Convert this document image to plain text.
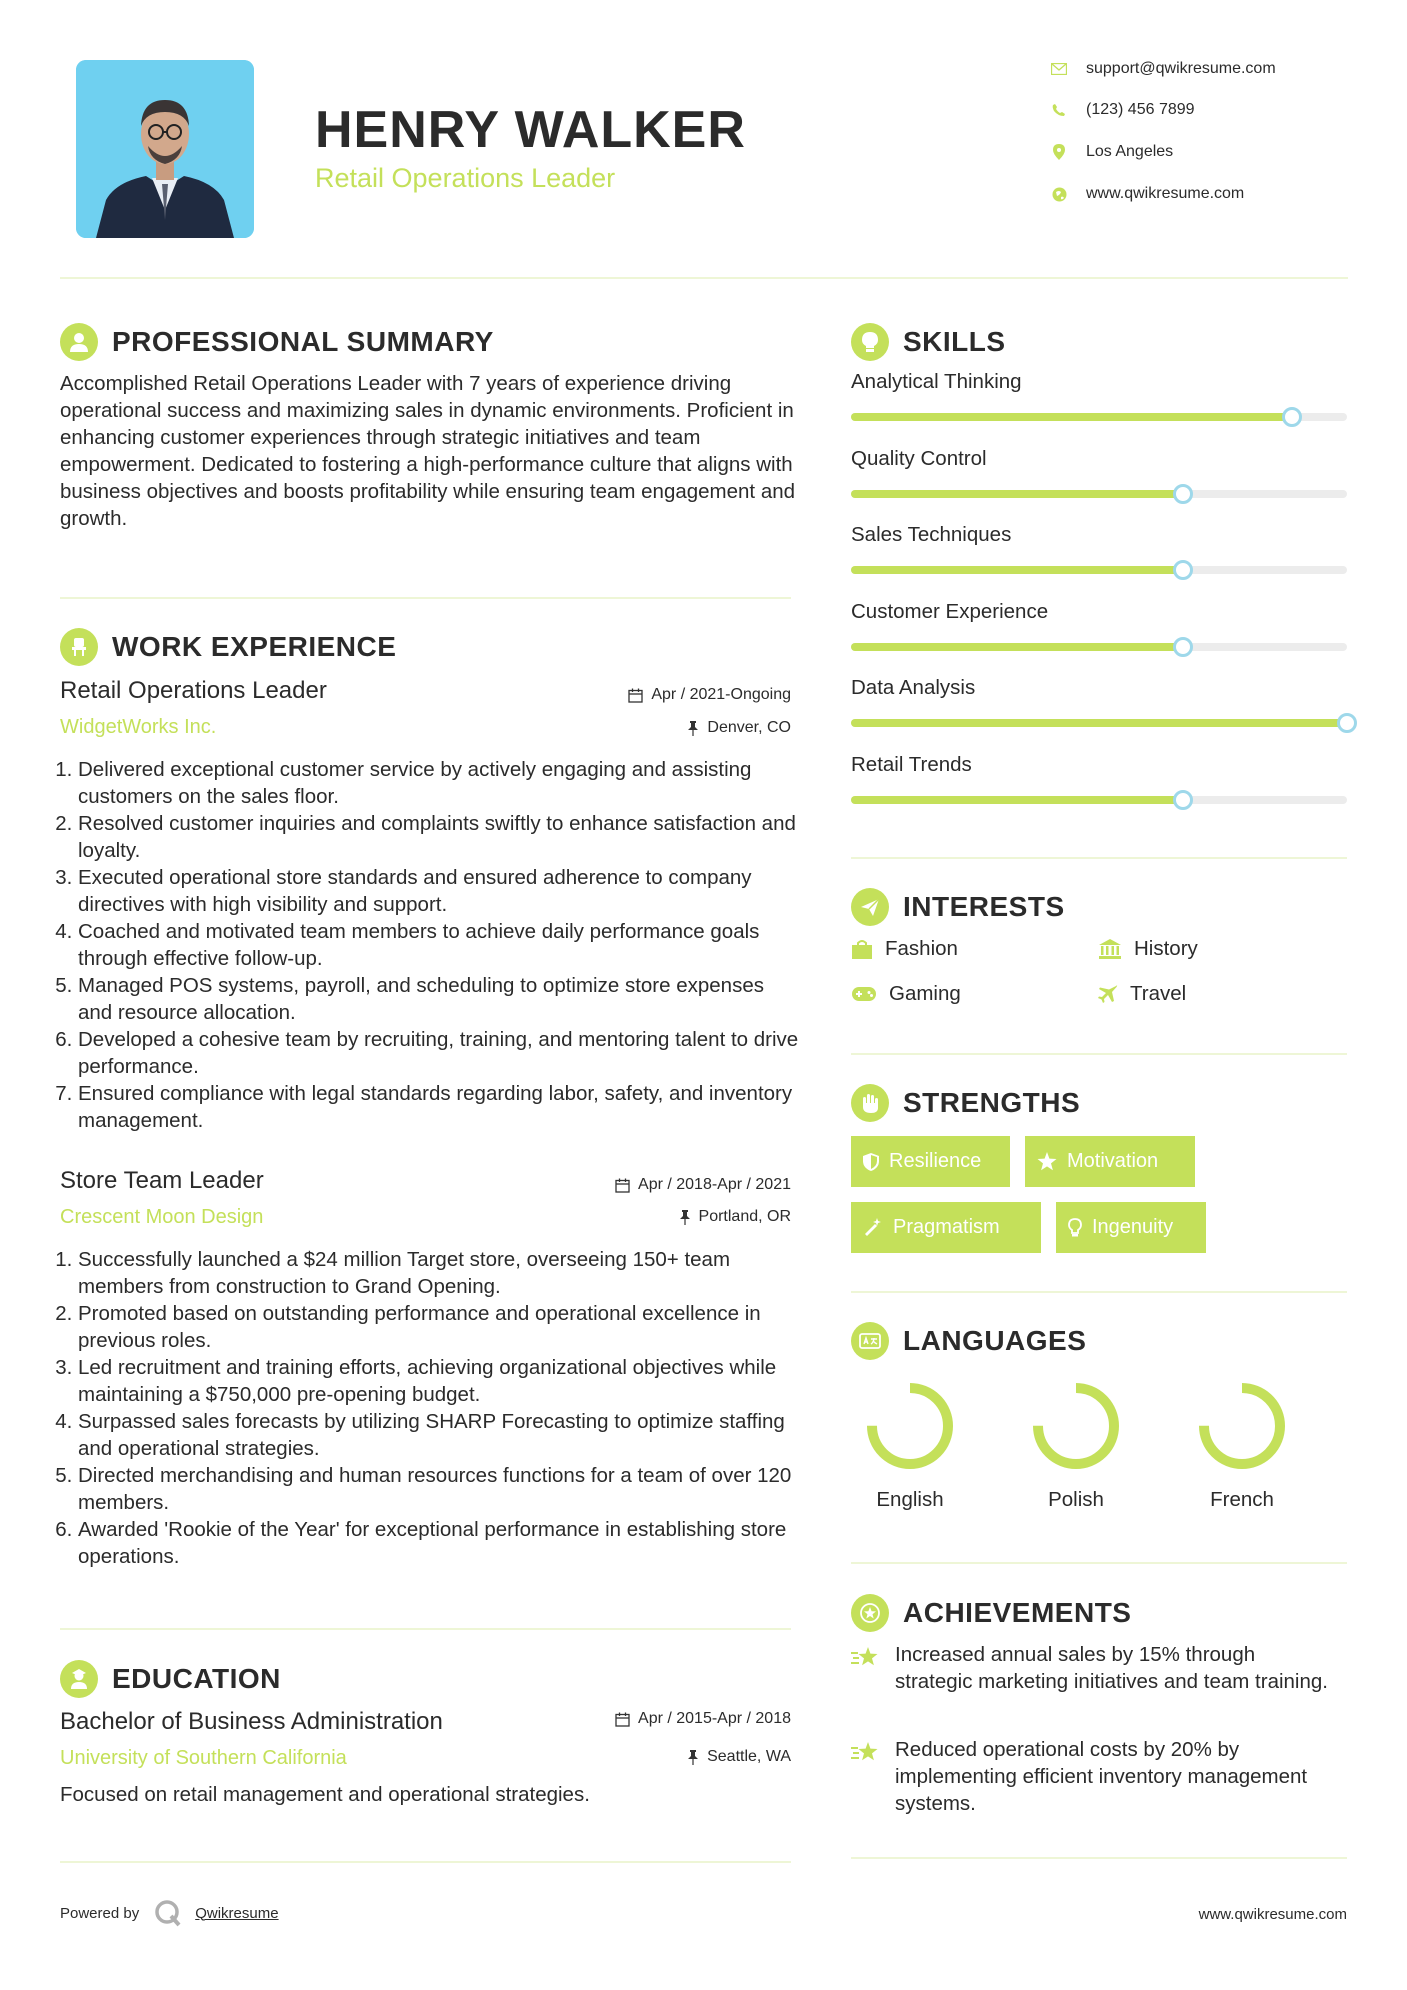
HENRY WALKER
Retail Operations Leader
support@qwikresume.com
(123) 456 7899
Los Angeles
www.qwikresume.com
PROFESSIONAL SUMMARY
Accomplished Retail Operations Leader with 7 years of experience driving operational success and maximizing sales in dynamic environments. Proficient in enhancing customer experiences through strategic initiatives and team empowerment. Dedicated to fostering a high-performance culture that aligns with business objectives and boosts profitability while ensuring team engagement and growth.
WORK EXPERIENCE
Retail Operations Leader	Apr / 2021-Ongoing
WidgetWorks Inc.	Denver, CO
1. Delivered exceptional customer service by actively engaging and assisting customers on the sales floor.
2. Resolved customer inquiries and complaints swiftly to enhance satisfaction and loyalty.
3. Executed operational store standards and ensured adherence to company directives with high visibility and support.
4. Coached and motivated team members to achieve daily performance goals through effective follow-up.
5. Managed POS systems, payroll, and scheduling to optimize store expenses and resource allocation.
6. Developed a cohesive team by recruiting, training, and mentoring talent to drive performance.
7. Ensured compliance with legal standards regarding labor, safety, and inventory management.
Store Team Leader	Apr / 2018-Apr / 2021
Crescent Moon Design	Portland, OR
1. Successfully launched a $24 million Target store, overseeing 150+ team members from construction to Grand Opening.
2. Promoted based on outstanding performance and operational excellence in previous roles.
3. Led recruitment and training efforts, achieving organizational objectives while maintaining a $750,000 pre-opening budget.
4. Surpassed sales forecasts by utilizing SHARP Forecasting to optimize staffing and operational strategies.
5. Directed merchandising and human resources functions for a team of over 120 members.
6. Awarded 'Rookie of the Year' for exceptional performance in establishing store operations.
EDUCATION
Bachelor of Business Administration	Apr / 2015-Apr / 2018
University of Southern California	Seattle, WA
Focused on retail management and operational strategies.
SKILLS
Analytical Thinking
Quality Control
Sales Techniques
Customer Experience
Data Analysis
Retail Trends
INTERESTS
Fashion	History
Gaming	Travel
STRENGTHS
Resilience	Motivation
Pragmatism	Ingenuity
LANGUAGES
English	Polish	French
ACHIEVEMENTS
Increased annual sales by 15% through strategic marketing initiatives and team training.
Reduced operational costs by 20% by implementing efficient inventory management systems.
Powered by	Qwikresume	www.qwikresume.com
